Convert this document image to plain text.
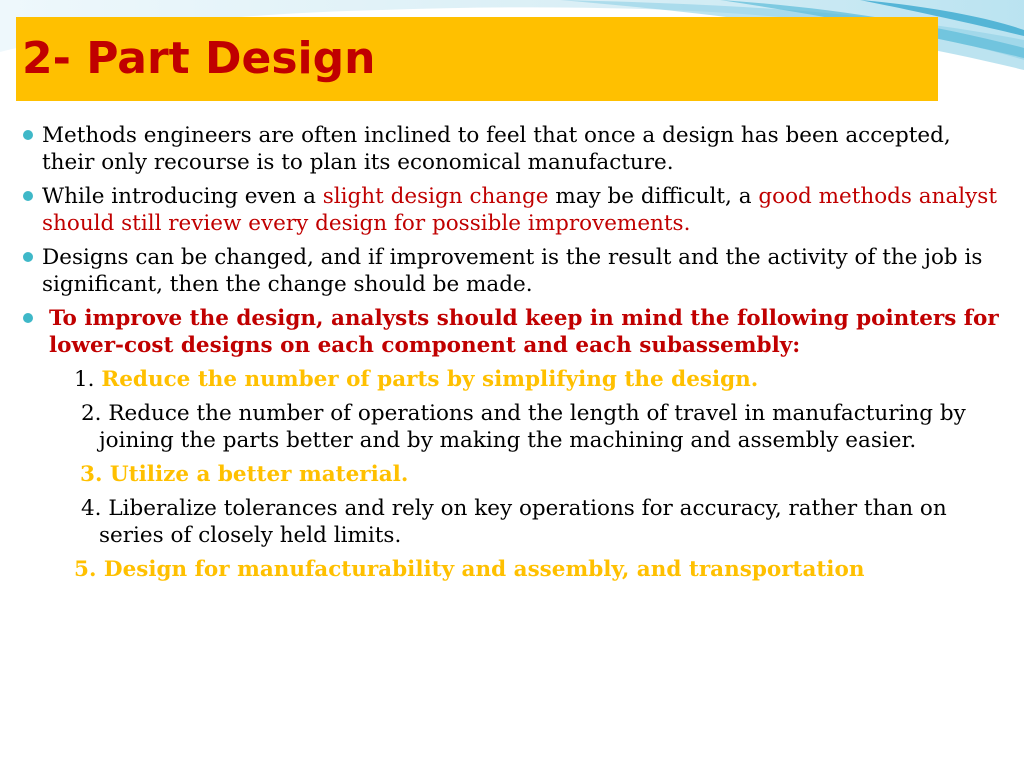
2- Part Design
Methods engineers are often inclined to feel that once a design has been accepted, their only recourse is to plan its economical manufacture.
While introducing even a slight design change may be difficult, a good methods analyst should still review every design for possible improvements.
Designs can be changed, and if improvement is the result and the activity of the job is significant, then the change should be made.
To improve the design, analysts should keep in mind the following pointers for lower-cost designs on each component and each subassembly:
1. Reduce the number of parts by simplifying the design.
2. Reduce the number of operations and the length of travel in manufacturing by joining the parts better and by making the machining and assembly easier.
3. Utilize a better material.
4. Liberalize tolerances and rely on key operations for accuracy, rather than on series of closely held limits.
5. Design for manufacturability and assembly, and transportation
